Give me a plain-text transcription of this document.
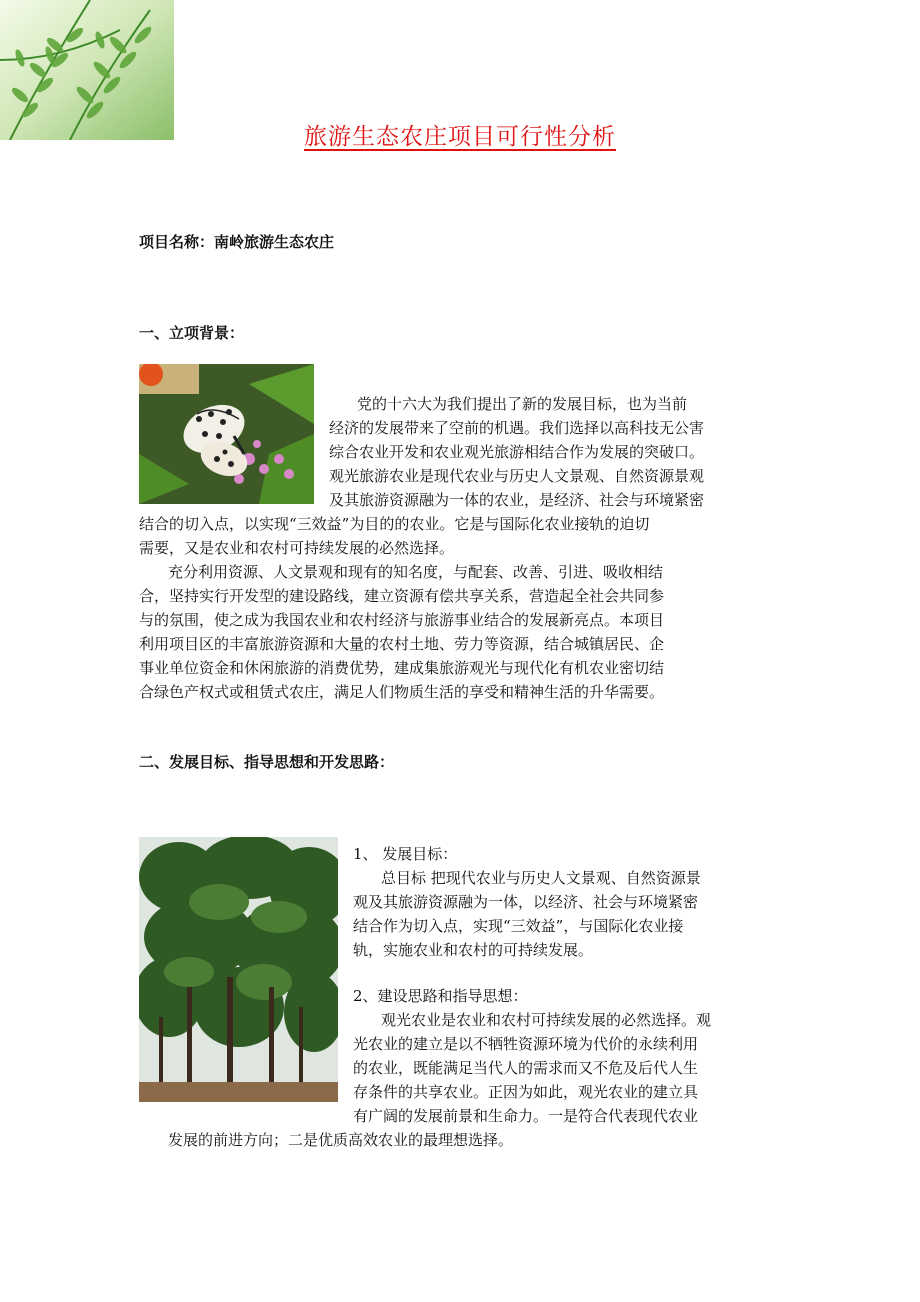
旅游生态农庄项目可行性分析
项目名称：南岭旅游生态农庄
一、立项背景：
党的十六大为我们提出了新的发展目标，也为当前
经济的发展带来了空前的机遇。我们选择以高科技无公害
综合农业开发和农业观光旅游相结合作为发展的突破口。
观光旅游农业是现代农业与历史人文景观、自然资源景观
及其旅游资源融为一体的农业，是经济、社会与环境紧密
结合的切入点，以实现“三效益”为目的的农业。它是与国际化农业接轨的迫切
需要，又是农业和农村可持续发展的必然选择。
充分利用资源、人文景观和现有的知名度，与配套、改善、引进、吸收相结
合，坚持实行开发型的建设路线，建立资源有偿共享关系，营造起全社会共同参
与的氛围，使之成为我国农业和农村经济与旅游事业结合的发展新亮点。本项目
利用项目区的丰富旅游资源和大量的农村土地、劳力等资源，结合城镇居民、企
事业单位资金和休闲旅游的消费优势，建成集旅游观光与现代化有机农业密切结
合绿色产权式或租赁式农庄，满足人们物质生活的享受和精神生活的升华需要。
二、发展目标、指导思想和开发思路：
1、 发展目标：
总目标 把现代农业与历史人文景观、自然资源景
观及其旅游资源融为一体，以经济、社会与环境紧密
结合作为切入点，实现“三效益”，与国际化农业接
轨，实施农业和农村的可持续发展。
2、建设思路和指导思想：
观光农业是农业和农村可持续发展的必然选择。观
光农业的建立是以不牺牲资源环境为代价的永续利用
的农业，既能满足当代人的需求而又不危及后代人生
存条件的共享农业。正因为如此，观光农业的建立具
有广阔的发展前景和生命力。一是符合代表现代农业
发展的前进方向；二是优质高效农业的最理想选择。
